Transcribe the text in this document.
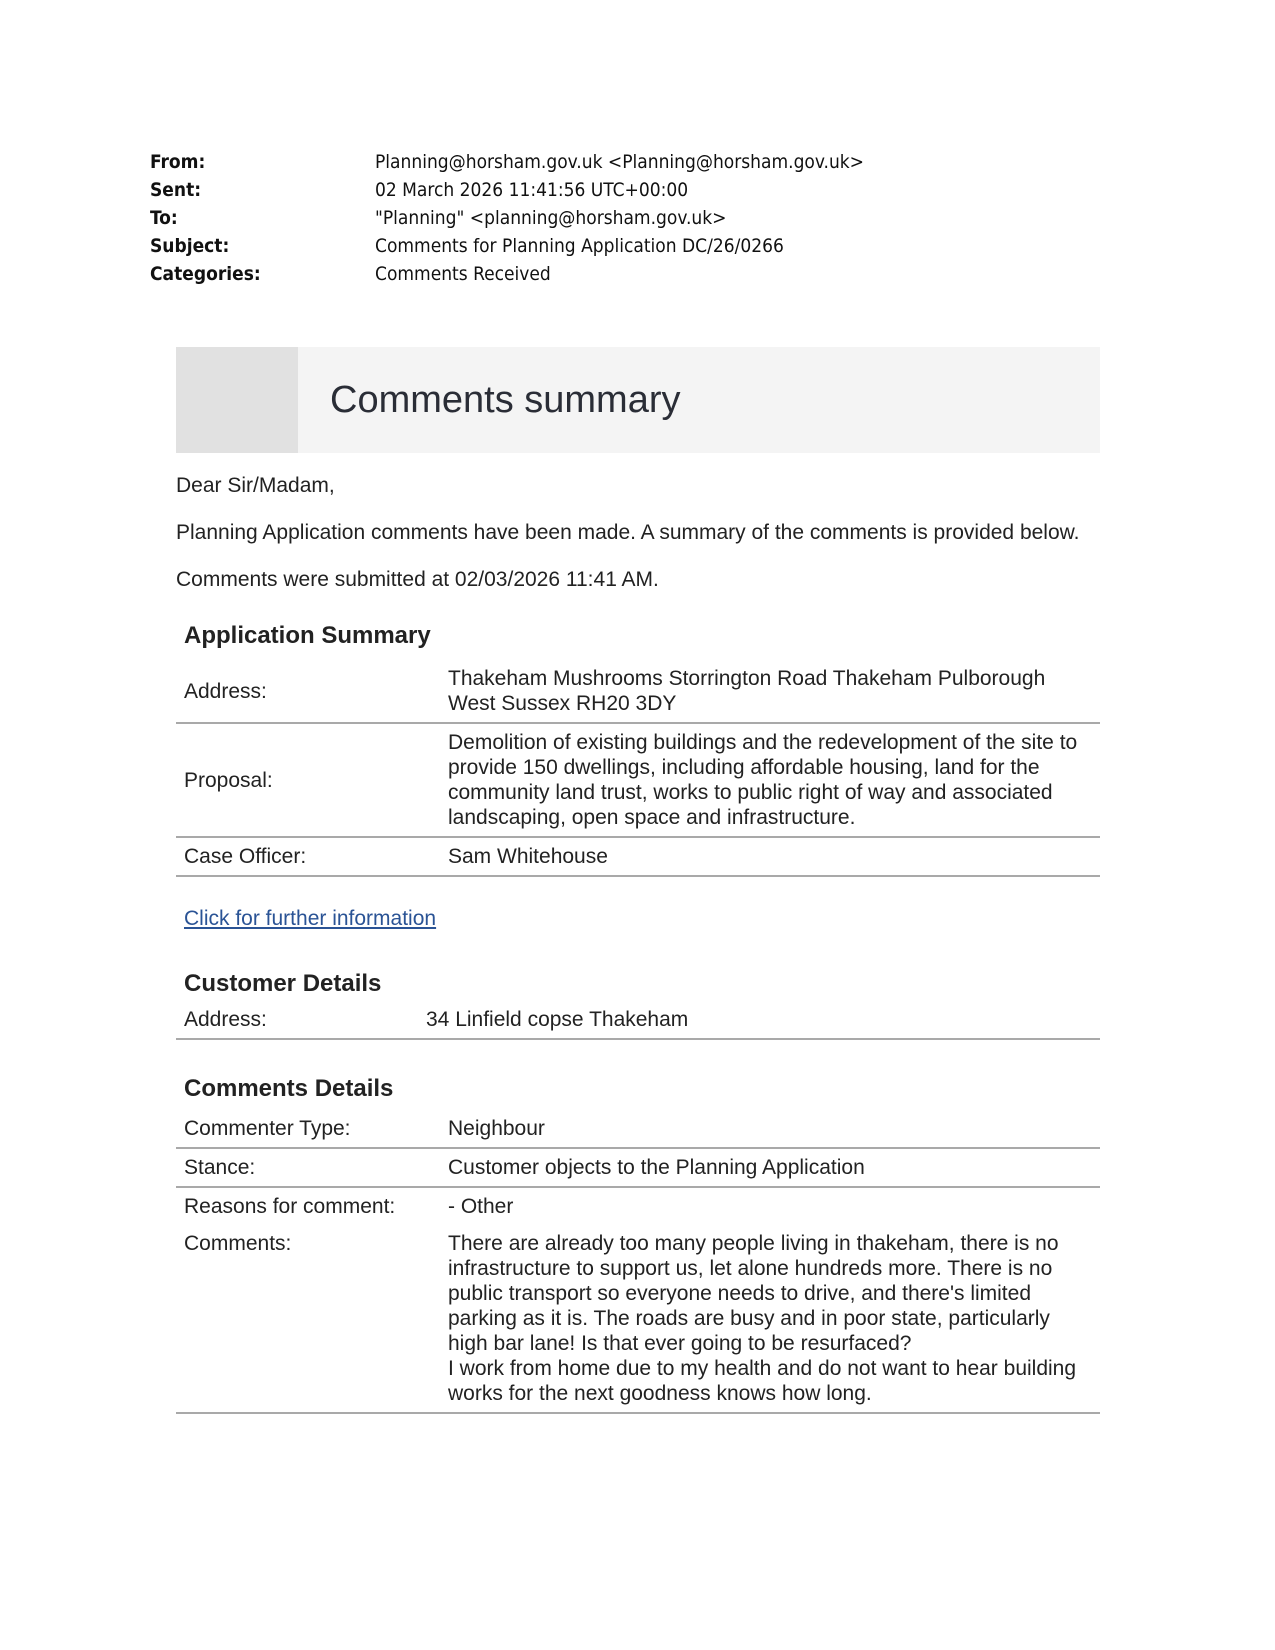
From:	Planning@horsham.gov.uk <Planning@horsham.gov.uk>
Sent:	02 March 2026 11:41:56 UTC+00:00
To:	"Planning" <planning@horsham.gov.uk>
Subject:	Comments for Planning Application DC/26/0266
Categories:	Comments Received
Comments summary

Dear Sir/Madam,

Planning Application comments have been made. A summary of the comments is provided below.

Comments were submitted at 02/03/2026 11:41 AM.

Application Summary
Address:	Thakeham Mushrooms Storrington Road Thakeham Pulborough West Sussex RH20 3DY
Proposal:	Demolition of existing buildings and the redevelopment of the site to provide 150 dwellings, including affordable housing, land for the community land trust, works to public right of way and associated landscaping, open space and infrastructure.
Case Officer:	Sam Whitehouse
Click for further information
Customer Details
Address:	34 Linfield copse Thakeham
Comments Details
Commenter Type:	Neighbour
Stance:	Customer objects to the Planning Application
Reasons for comment:	- Other
Comments:	There are already too many people living in thakeham, there is no infrastructure to support us, let alone hundreds more. There is no public transport so everyone needs to drive, and there's limited parking as it is. The roads are busy and in poor state, particularly high bar lane! Is that ever going to be resurfaced?
I work from home due to my health and do not want to hear building works for the next goodness knows how long.
